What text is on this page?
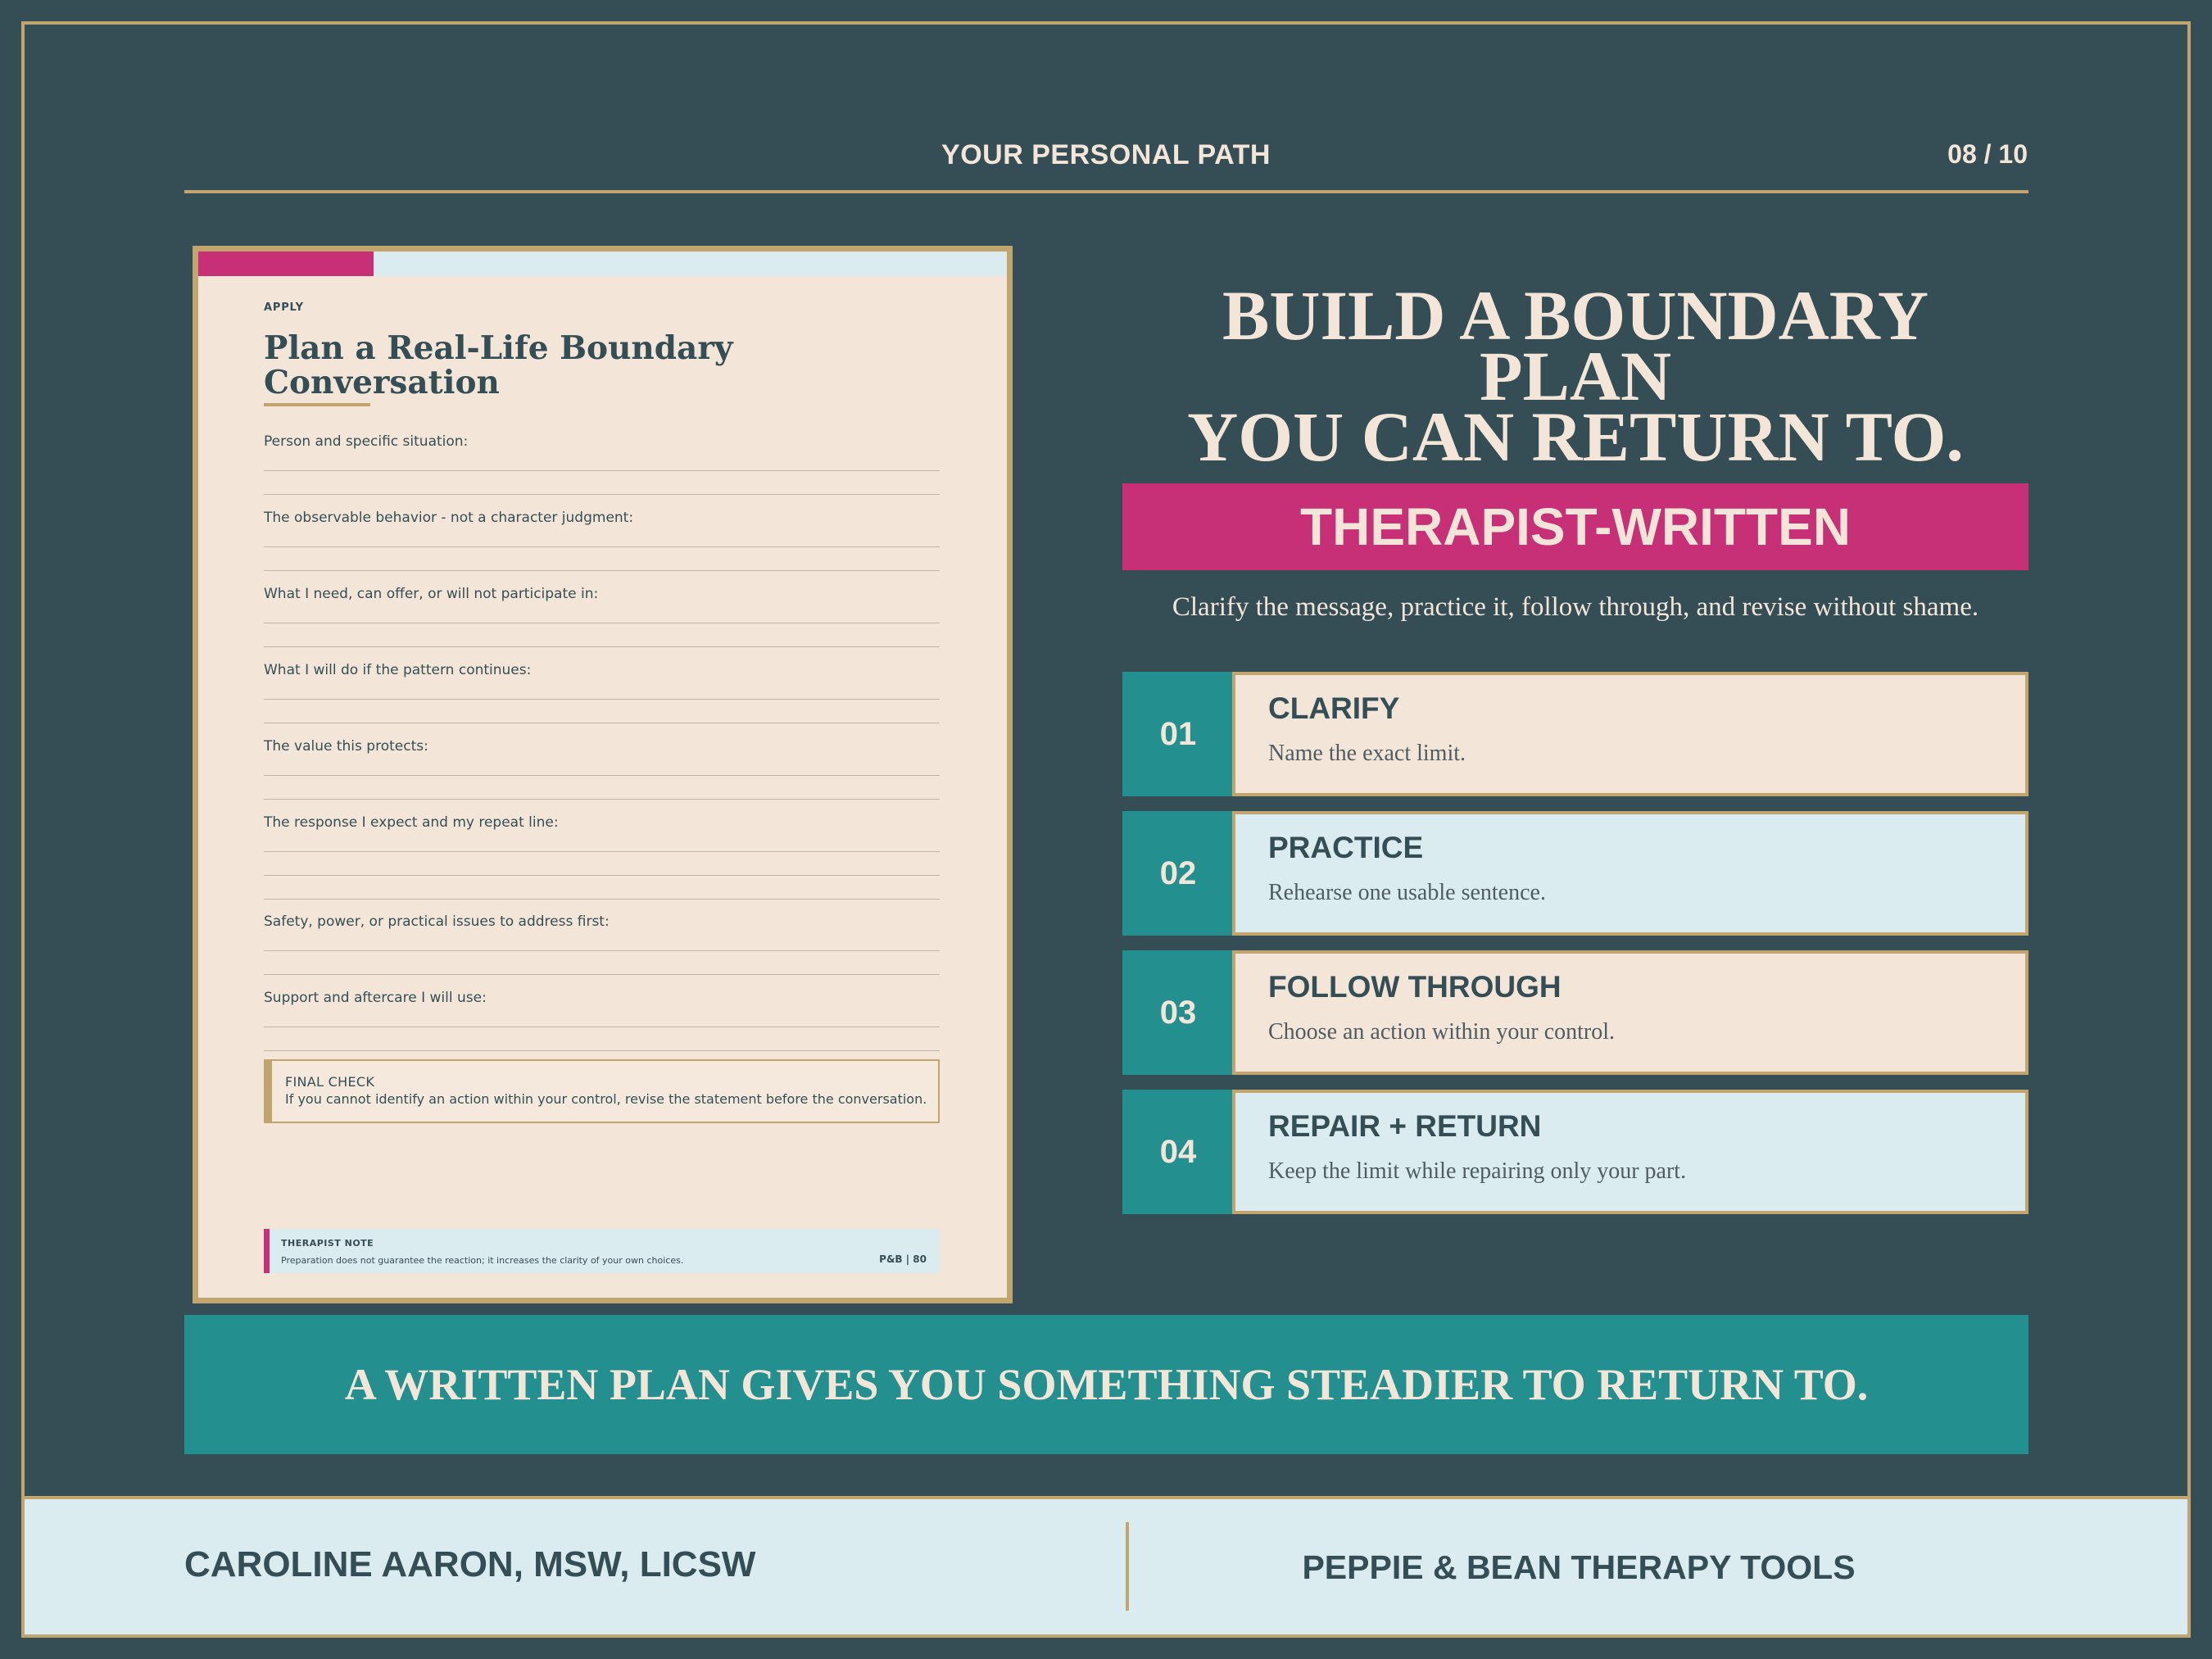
YOUR PERSONAL PATH	08 / 10
APPLY
Plan a Real-Life Boundary
Conversation
Person and specific situation:
The observable behavior - not a character judgment:
What I need, can offer, or will not participate in:
What I will do if the pattern continues:
The value this protects:
The response I expect and my repeat line:
Safety, power, or practical issues to address first:
Support and aftercare I will use:
FINAL CHECK
If you cannot identify an action within your control, revise the statement before the conversation.
THERAPIST NOTE
Preparation does not guarantee the reaction; it increases the clarity of your own choices.	P&B | 80
BUILD A BOUNDARY PLAN
YOU CAN RETURN TO.
THERAPIST-WRITTEN
Clarify the message, practice it, follow through, and revise without shame.
01
CLARIFY
Name the exact limit.
02
PRACTICE
Rehearse one usable sentence.
03
FOLLOW THROUGH
Choose an action within your control.
04
REPAIR + RETURN
Keep the limit while repairing only your part.
A WRITTEN PLAN GIVES YOU SOMETHING STEADIER TO RETURN TO.
CAROLINE AARON, MSW, LICSW	PEPPIE & BEAN THERAPY TOOLS
